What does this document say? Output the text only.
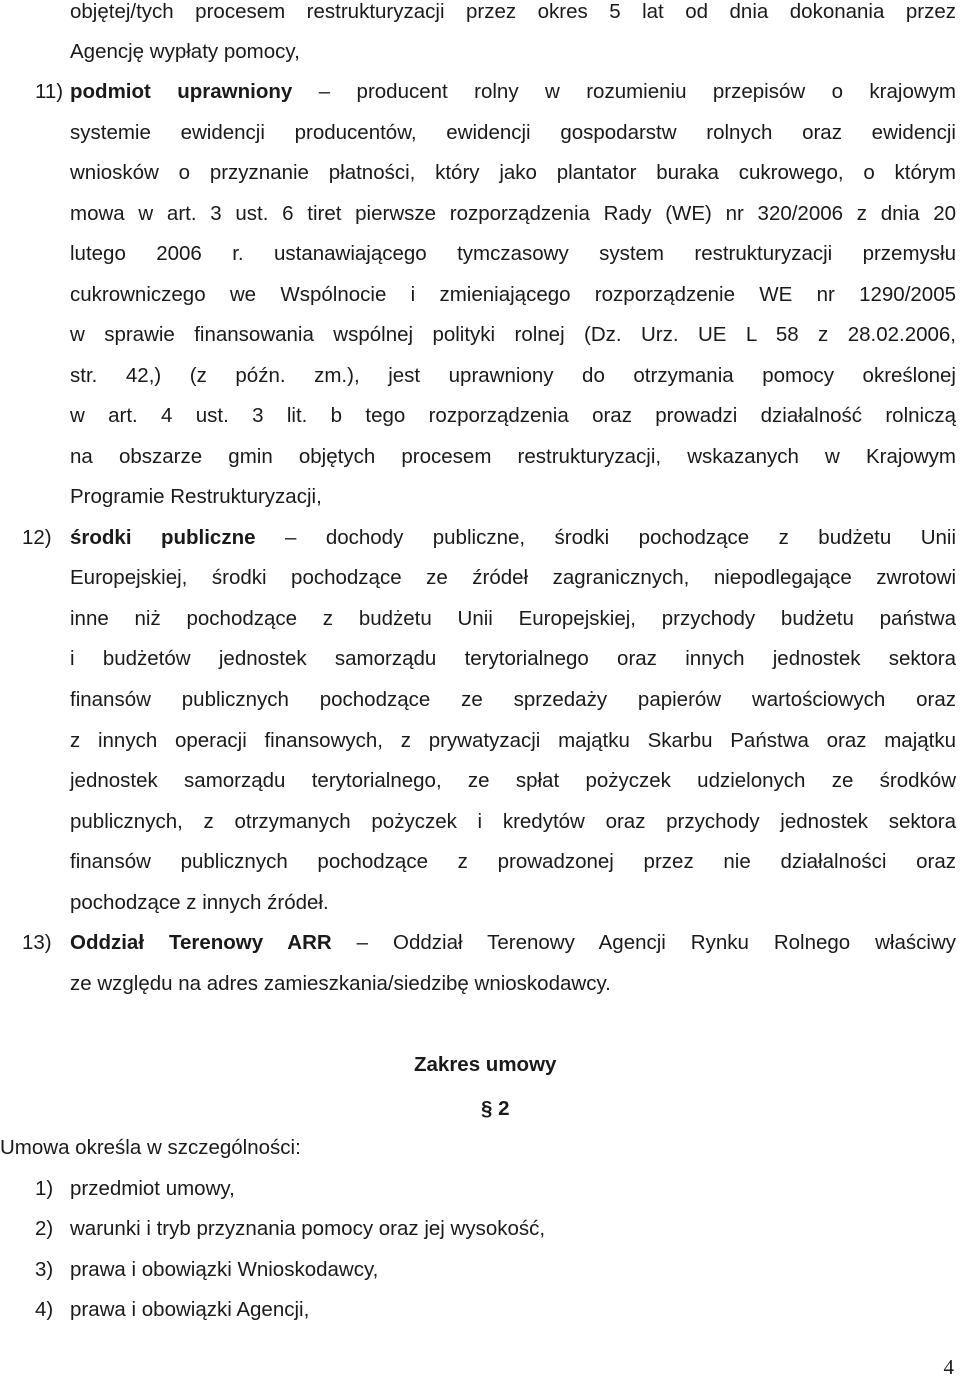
objętej/tych procesem restrukturyzacji przez okres 5 lat od dnia dokonania przez
Agencję wypłaty pomocy,
11) podmiot uprawniony – producent rolny w rozumieniu przepisów o krajowym
systemie ewidencji producentów, ewidencji gospodarstw rolnych oraz ewidencji
wniosków o przyznanie płatności, który jako plantator buraka cukrowego, o którym
mowa w art. 3 ust. 6 tiret pierwsze rozporządzenia Rady (WE) nr 320/2006 z dnia 20
lutego 2006 r. ustanawiającego tymczasowy system restrukturyzacji przemysłu
cukrowniczego we Wspólnocie i zmieniającego rozporządzenie WE nr 1290/2005
w sprawie finansowania wspólnej polityki rolnej (Dz. Urz. UE L 58 z 28.02.2006,
str. 42,) (z późn. zm.), jest uprawniony do otrzymania pomocy określonej
w art. 4 ust. 3 lit. b tego rozporządzenia oraz prowadzi działalność rolniczą
na obszarze gmin objętych procesem restrukturyzacji, wskazanych w Krajowym
Programie Restrukturyzacji,
12) środki publiczne – dochody publiczne, środki pochodzące z budżetu Unii
Europejskiej, środki pochodzące ze źródeł zagranicznych, niepodlegające zwrotowi
inne niż pochodzące z budżetu Unii Europejskiej, przychody budżetu państwa
i budżetów jednostek samorządu terytorialnego oraz innych jednostek sektora
finansów publicznych pochodzące ze sprzedaży papierów wartościowych oraz
z innych operacji finansowych, z prywatyzacji majątku Skarbu Państwa oraz majątku
jednostek samorządu terytorialnego, ze spłat pożyczek udzielonych ze środków
publicznych, z otrzymanych pożyczek i kredytów oraz przychody jednostek sektora
finansów publicznych pochodzące z prowadzonej przez nie działalności oraz
pochodzące z innych źródeł.
13) Oddział Terenowy ARR – Oddział Terenowy Agencji Rynku Rolnego właściwy
ze względu na adres zamieszkania/siedzibę wnioskodawcy.
Zakres umowy
§ 2
Umowa określa w szczególności:
1) przedmiot umowy,
2) warunki i tryb przyznania pomocy oraz jej wysokość,
3) prawa i obowiązki Wnioskodawcy,
4) prawa i obowiązki Agencji,
4
